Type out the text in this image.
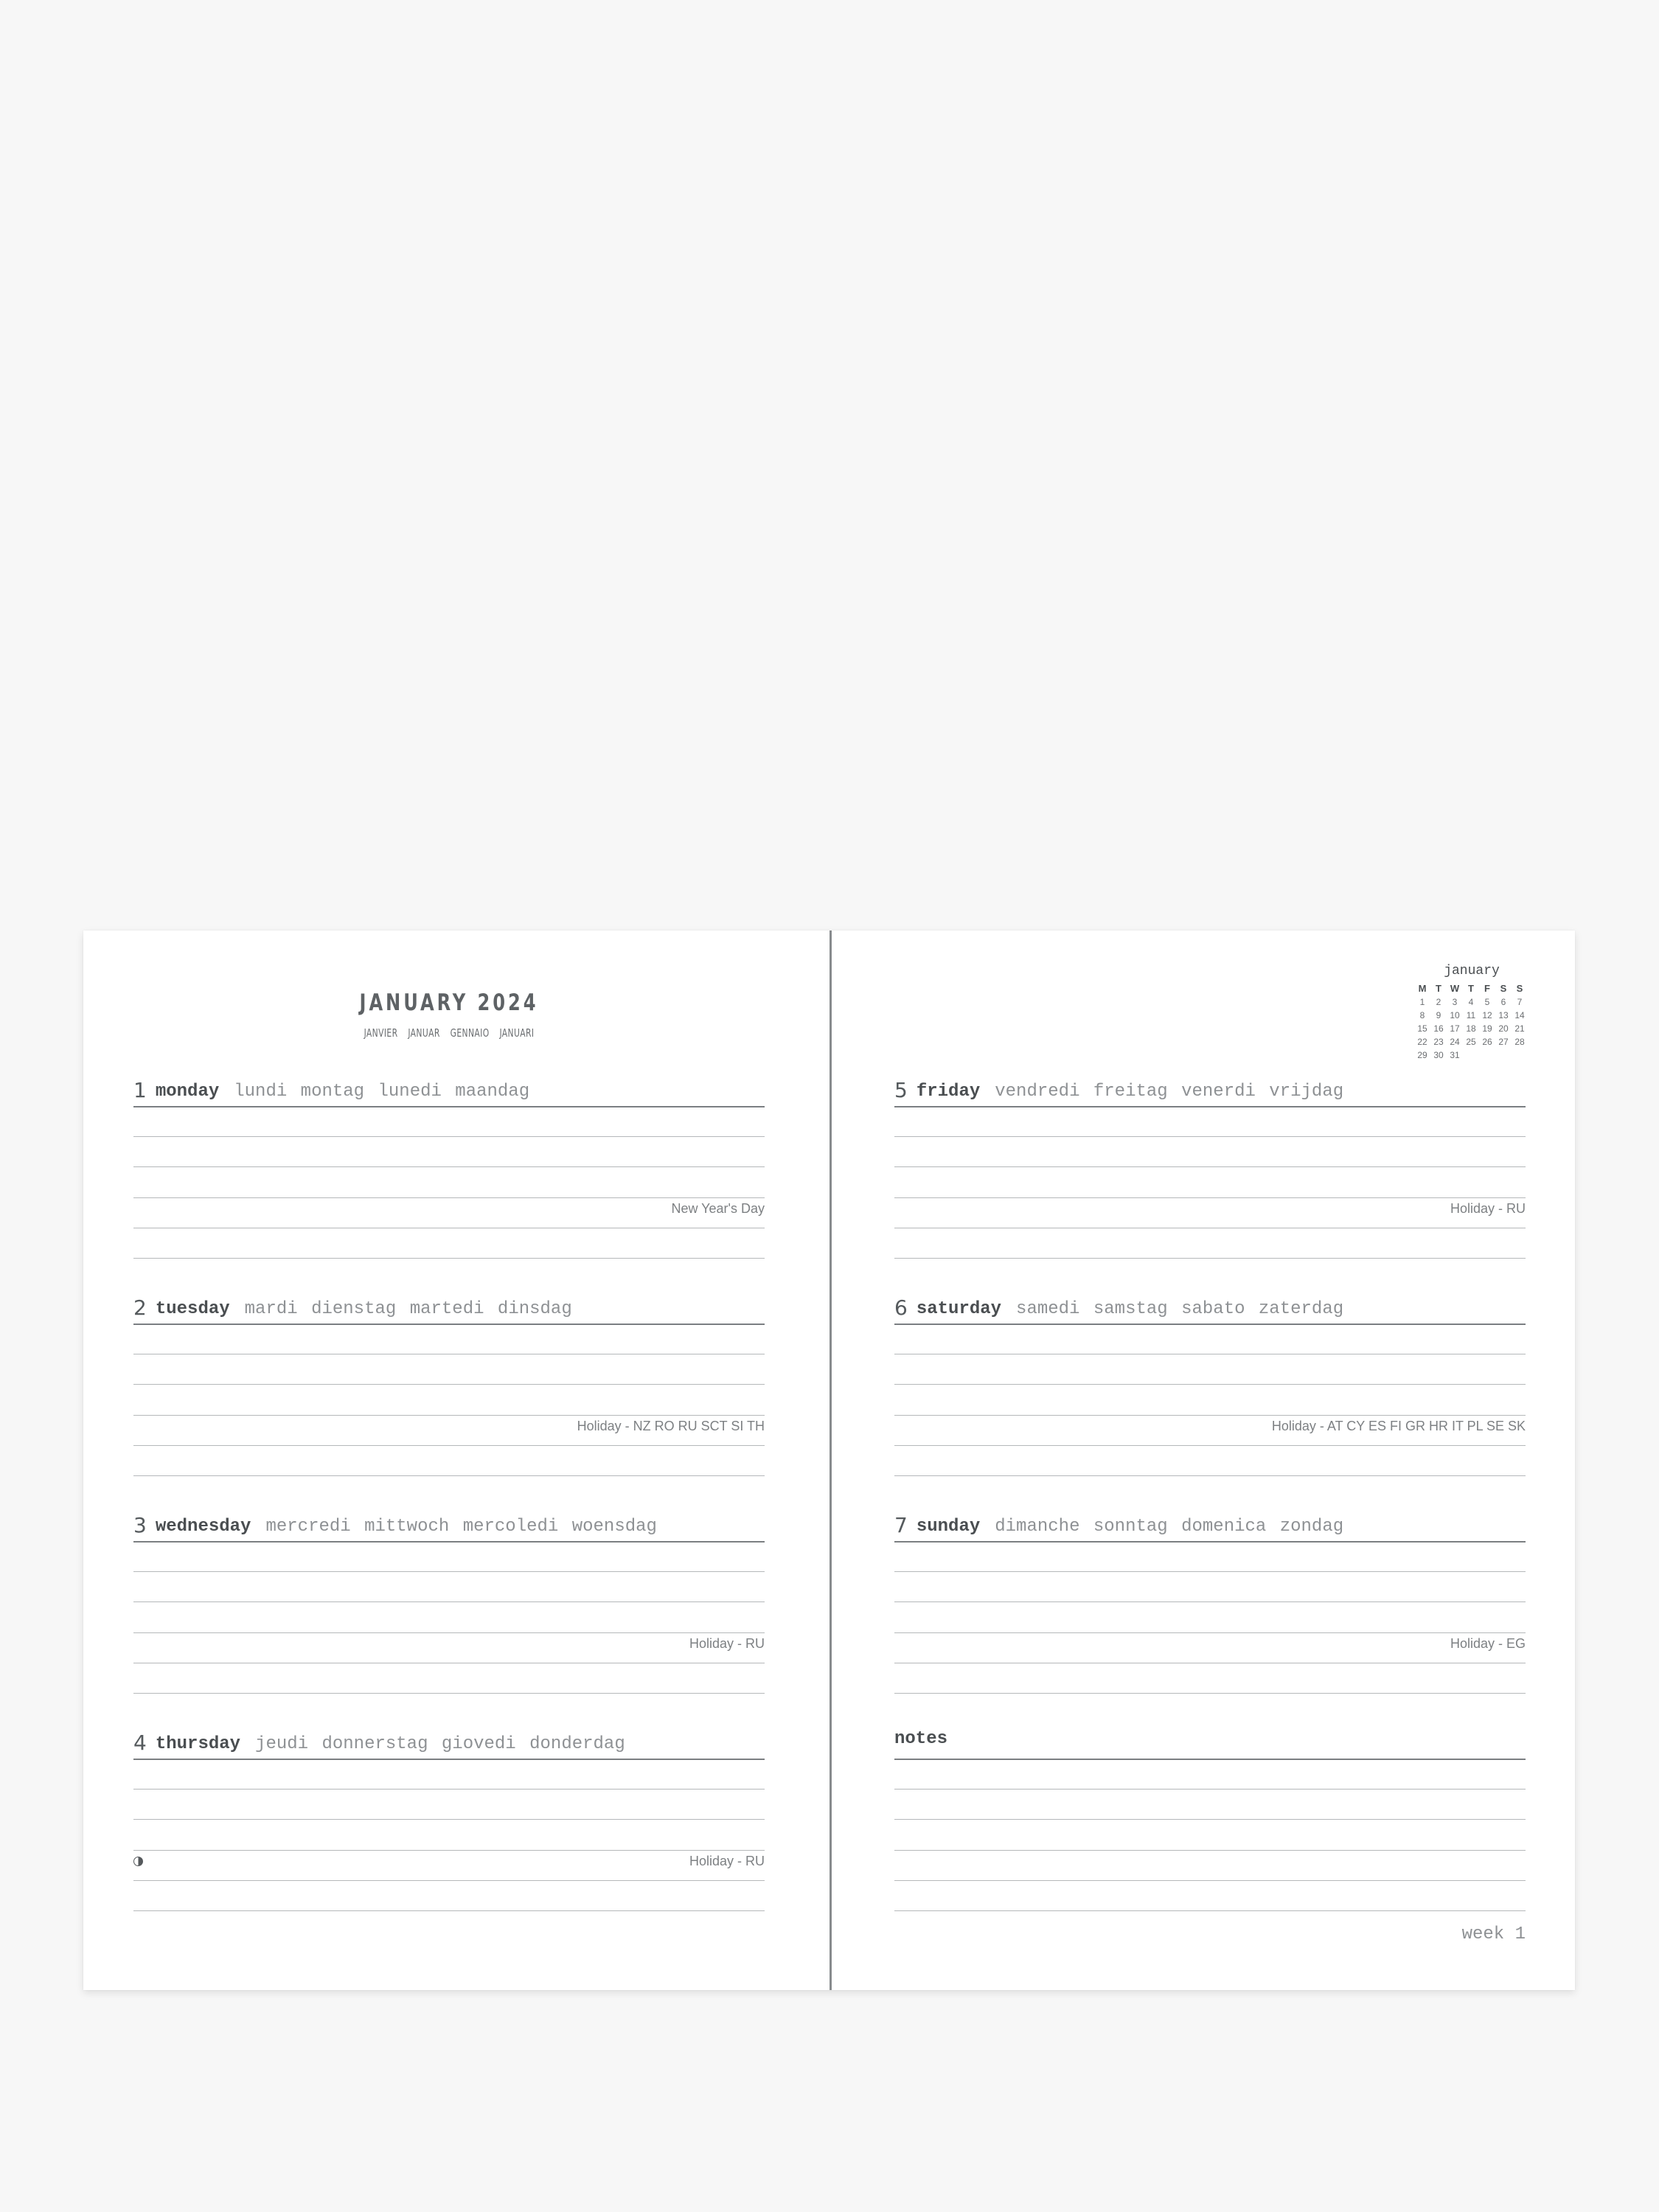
JANUARY 2024
JANVIER JANUAR GENNAIO JANUARI
1 monday lundi montag lunedi maandag
New Year's Day
2 tuesday mardi dienstag martedi dinsdag
Holiday - NZ RO RU SCT SI TH
3 wednesday mercredi mittwoch mercoledi woensdag
Holiday - RU
4 thursday jeudi donnerstag giovedi donderdag
Holiday - RU
january
M T W T	F	S	S
1	2	3	4	5	6	7
8	9 10 11 12 13 14
15 16 17 18 19 20 21
22 23 24 25 26 27 28
29 30 31
5 friday vendredi freitag venerdi vrijdag
Holiday - RU
6 saturday samedi samstag sabato zaterdag
Holiday - AT CY ES FI GR HR IT PL SE SK
7 sunday dimanche sonntag domenica zondag
Holiday - EG
notes
week 1
